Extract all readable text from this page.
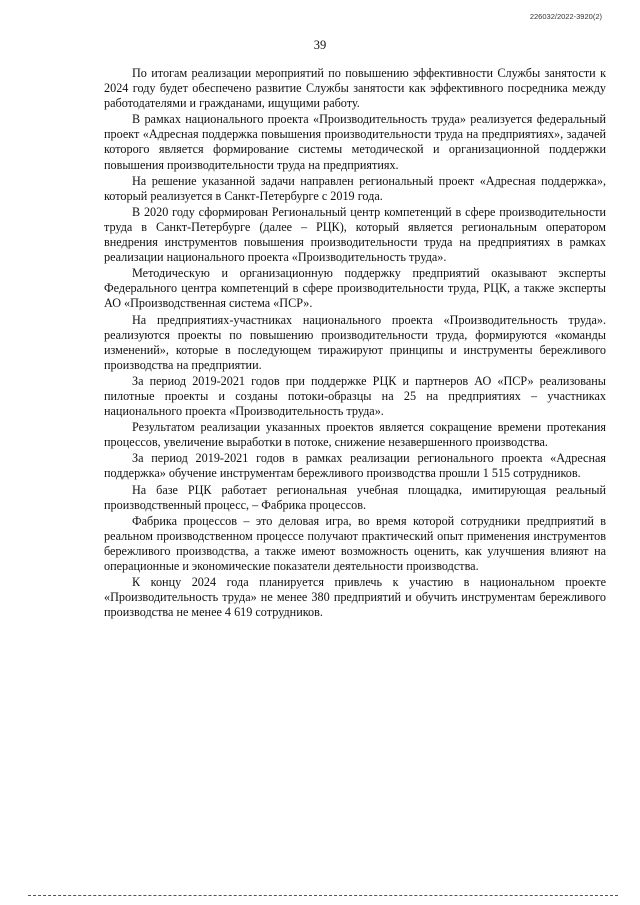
226032/2022-3920(2)
39

По итогам реализации мероприятий по повышению эффективности Службы занятости к 2024 году будет обеспечено развитие Службы занятости как эффективного посредника между работодателями и гражданами, ищущими работу.

В рамках национального проекта «Производительность труда» реализуется федеральный проект «Адресная поддержка повышения производительности труда на предприятиях», задачей которого является формирование системы методической и организационной поддержки повышения производительности труда на предприятиях.

На решение указанной задачи направлен региональный проект «Адресная поддержка», который реализуется в Санкт-Петербурге с 2019 года.

В 2020 году сформирован Региональный центр компетенций в сфере производительности труда в Санкт-Петербурге (далее – РЦК), который является региональным оператором внедрения инструментов повышения производительности труда на предприятиях в рамках реализации национального проекта «Производительность труда».

Методическую и организационную поддержку предприятий оказывают эксперты Федерального центра компетенций в сфере производительности труда, РЦК, а также эксперты АО «Производственная система «ПСР».

На предприятиях-участниках национального проекта «Производительность труда». реализуются проекты по повышению производительности труда, формируются «команды изменений», которые в последующем тиражируют принципы и инструменты бережливого производства на предприятии.

За период 2019-2021 годов при поддержке РЦК и партнеров АО «ПСР» реализованы пилотные проекты и созданы потоки-образцы на 25 на предприятиях – участниках национального проекта «Производительность труда».

Результатом реализации указанных проектов является сокращение времени протекания процессов, увеличение выработки в потоке, снижение незавершенного производства.

За период 2019-2021 годов в рамках реализации регионального проекта «Адресная поддержка» обучение инструментам бережливого производства прошли 1 515 сотрудников.

На базе РЦК работает региональная учебная площадка, имитирующая реальный производственный процесс, – Фабрика процессов.

Фабрика процессов – это деловая игра, во время которой сотрудники предприятий в реальном производственном процессе получают практический опыт применения инструментов бережливого производства, а также имеют возможность оценить, как улучшения влияют на операционные и экономические показатели деятельности производства.

К концу 2024 года планируется привлечь к участию в национальном проекте «Производительность труда» не менее 380 предприятий и обучить инструментам бережливого производства не менее 4 619 сотрудников.
